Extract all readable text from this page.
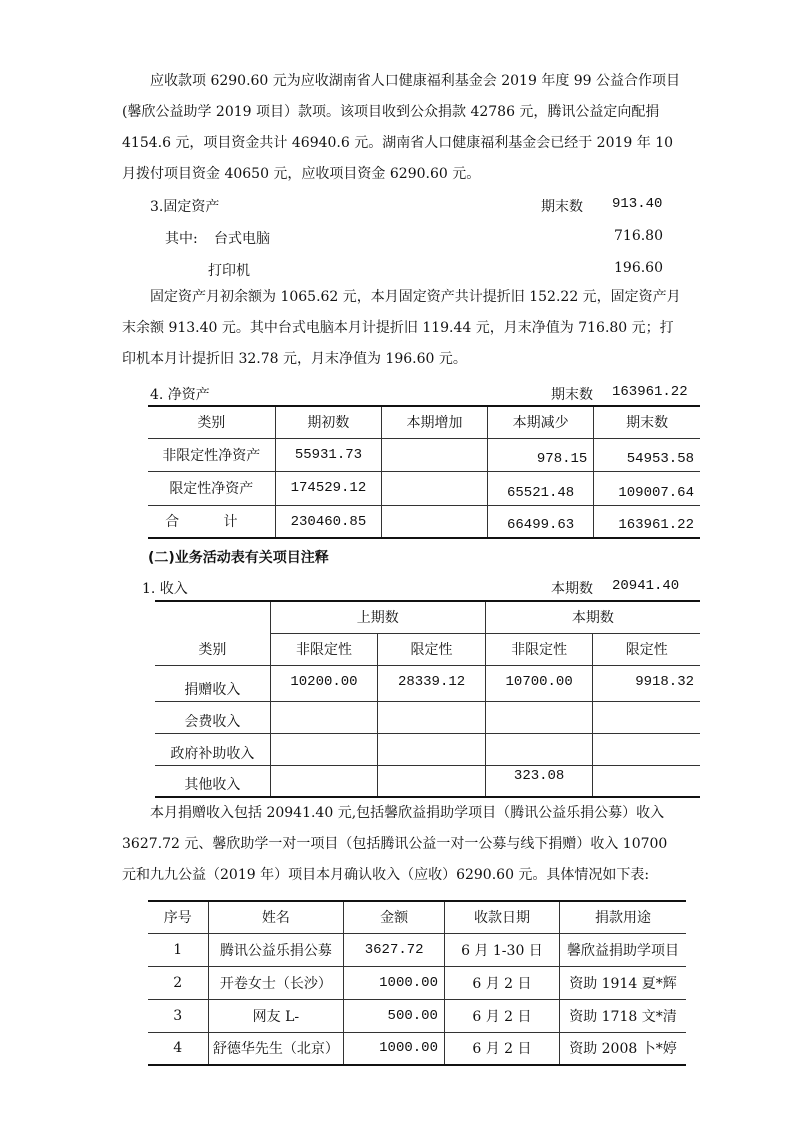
应收款项 6290.60 元为应收湖南省人口健康福利基金会 2019 年度 99 公益合作项目(馨欣公益助学 2019 项目）款项。该项目收到公众捐款 42786 元，腾讯公益定向配捐 4154.6 元，项目资金共计 46940.6 元。湖南省人口健康福利基金会已经于 2019 年 10 月拨付项目资金 40650 元，应收项目资金 6290.60 元。
3.固定资产	期末数 913.40
其中: 台式电脑	716.80
打印机	196.60
固定资产月初余额为 1065.62 元，本月固定资产共计提折旧 152.22 元，固定资产月末余额 913.40 元。其中台式电脑本月计提折旧 119.44 元，月末净值为 716.80 元；打印机本月计提折旧 32.78 元，月末净值为 196.60 元。
4. 净资产	期末数 163961.22
类别	期初数	本期增加	本期减少	期末数
非限定性净资产	55931.73		978.15	54953.58
限定性净资产	174529.12		65521.48	109007.64
合 计	230460.85		66499.63	163961.22
(二)业务活动表有关项目注释
1. 收入	本期数 20941.40
	上期数		本期数	
类别	非限定性	限定性	非限定性	限定性
捐赠收入	10200.00	28339.12	10700.00	9918.32
会费收入				
政府补助收入				
其他收入			323.08	
本月捐赠收入包括 20941.40 元,包括馨欣益捐助学项目（腾讯公益乐捐公募）收入 3627.72 元、馨欣助学一对一项目（包括腾讯公益一对一公募与线下捐赠）收入 10700 元和九九公益（2019 年）项目本月确认收入（应收）6290.60 元。具体情况如下表:
序号	姓名	金额	收款日期	捐款用途
1	腾讯公益乐捐公募	3627.72	6 月 1-30 日	馨欣益捐助学项目
2	开卷女士（长沙）	1000.00	6 月 2 日	资助 1914 夏*辉
3	网友 L-	500.00	6 月 2 日	资助 1718 文*清
4	舒德华先生（北京）	1000.00	6 月 2 日	资助 2008 卜*婷
